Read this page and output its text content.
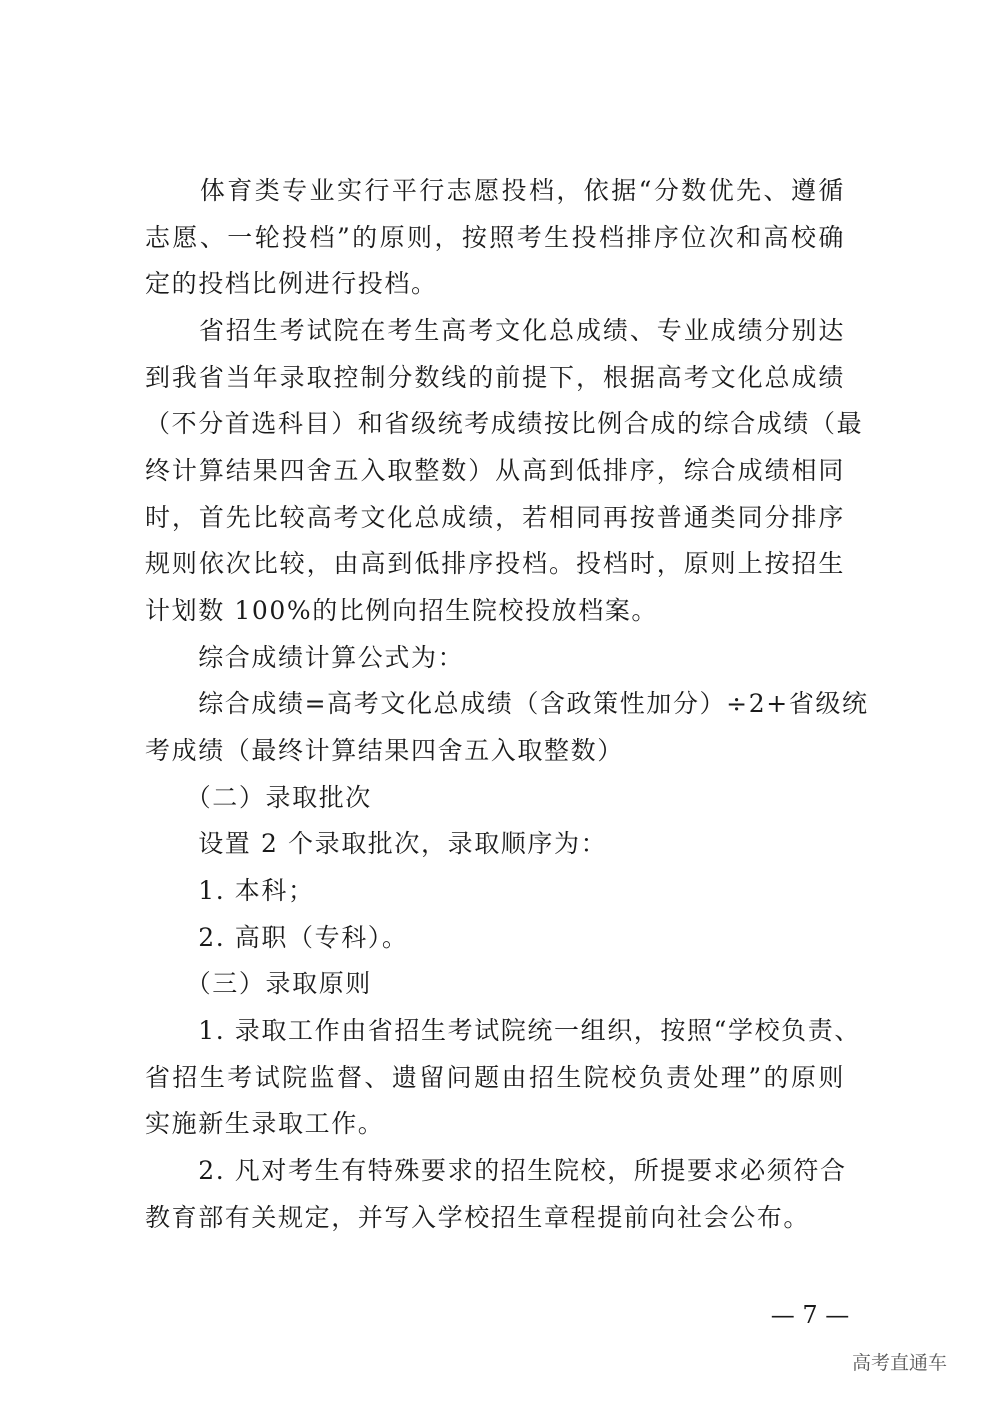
　　体育类专业实行平行志愿投档，依据“分数优先、遵循
志愿、一轮投档”的原则，按照考生投档排序位次和高校确
定的投档比例进行投档。
　　省招生考试院在考生高考文化总成绩、专业成绩分别达
到我省当年录取控制分数线的前提下，根据高考文化总成绩
（不分首选科目）和省级统考成绩按比例合成的综合成绩（最
终计算结果四舍五入取整数）从高到低排序，综合成绩相同
时，首先比较高考文化总成绩，若相同再按普通类同分排序
规则依次比较，由高到低排序投档。投档时，原则上按招生
计划数 100%的比例向招生院校投放档案。
　　综合成绩计算公式为：
　　综合成绩=高考文化总成绩（含政策性加分）÷2+省级统
考成绩（最终计算结果四舍五入取整数）
　　（二）录取批次
　　设置 2 个录取批次，录取顺序为：
　　1. 本科；
　　2. 高职（专科）。
　　（三）录取原则
　　1. 录取工作由省招生考试院统一组织，按照“学校负责、
省招生考试院监督、遗留问题由招生院校负责处理”的原则
实施新生录取工作。
　　2. 凡对考生有特殊要求的招生院校，所提要求必须符合
教育部有关规定，并写入学校招生章程提前向社会公布。
— 7 —
高考直通车
